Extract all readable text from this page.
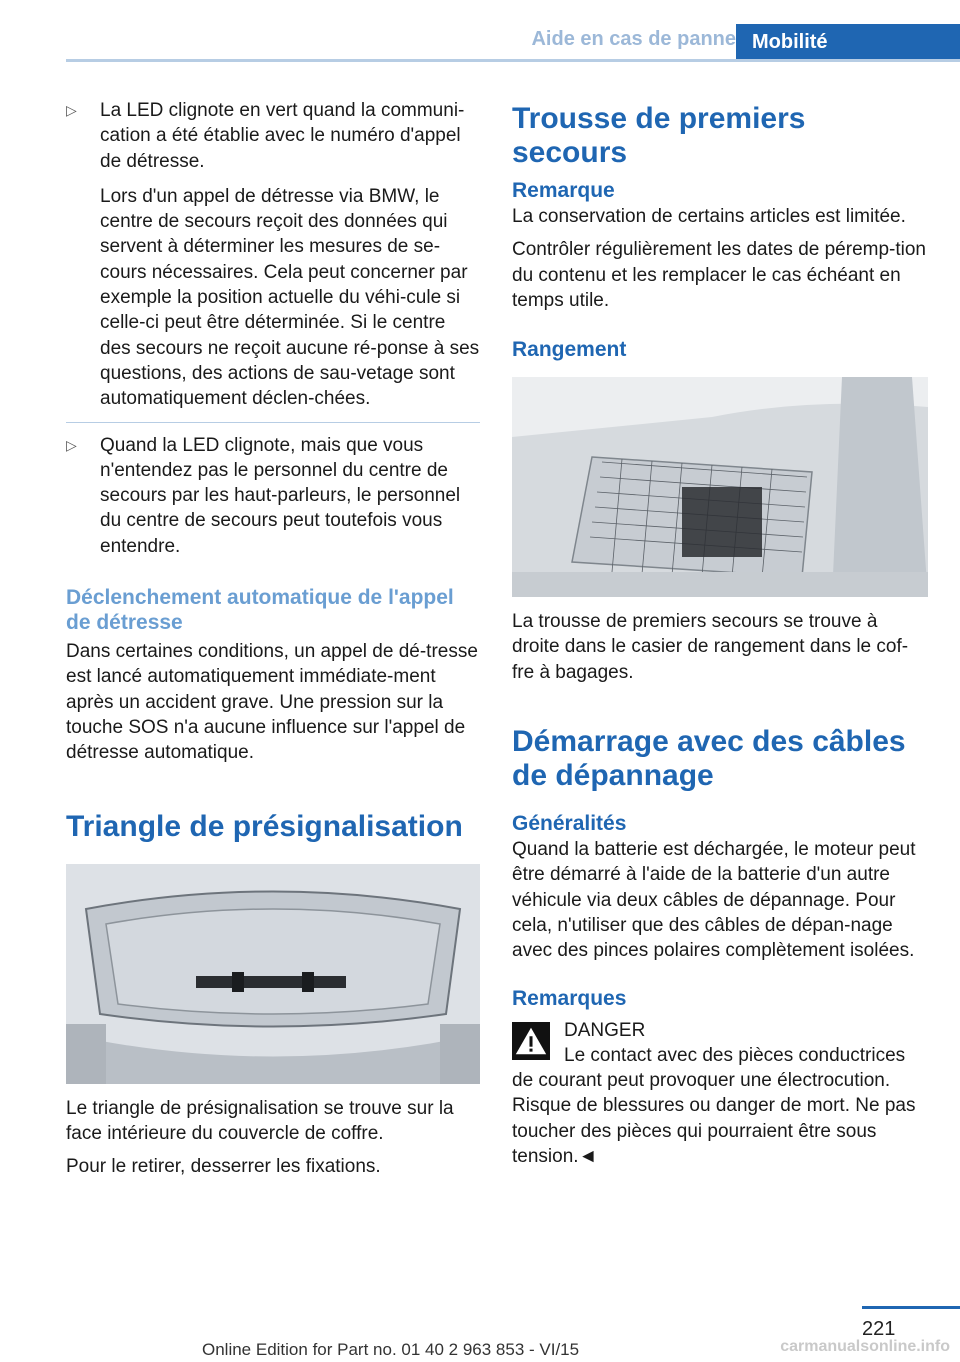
Aide en cas de panne Mobilité
▷ La LED clignote en vert quand la communi-cation a été établie avec le numéro d'appel de détresse.

Lors d'un appel de détresse via BMW, le centre de secours reçoit des données qui servent à déterminer les mesures de se-cours nécessaires. Cela peut concerner par exemple la position actuelle du véhi-cule si celle-ci peut être déterminée. Si le centre des secours ne reçoit aucune ré-ponse à ses questions, des actions de sau-vetage sont automatiquement déclen-chées.

▷ Quand la LED clignote, mais que vous n'entendez pas le personnel du centre de secours par les haut-parleurs, le personnel du centre de secours peut toutefois vous entendre.

Déclenchement automatique de l'appel de détresse

Dans certaines conditions, un appel de dé-tresse est lancé automatiquement immédiate-ment après un accident grave. Une pression sur la touche SOS n'a aucune influence sur l'appel de détresse automatique.

Triangle de présignalisation

Le triangle de présignalisation se trouve sur la face intérieure du couvercle de coffre.

Pour le retirer, desserrer les fixations.

Trousse de premiers secours
Remarque

La conservation de certains articles est limitée.

Contrôler régulièrement les dates de péremp-tion du contenu et les remplacer le cas échéant en temps utile.

Rangement

La trousse de premiers secours se trouve à droite dans le casier de rangement dans le cof-fre à bagages.

Démarrage avec des câbles de dépannage
Généralités

Quand la batterie est déchargée, le moteur peut être démarré à l'aide de la batterie d'un autre véhicule via deux câbles de dépannage. Pour cela, n'utiliser que des câbles de dépan-nage avec des pinces polaires complètement isolées.

Remarques

DANGER

Le contact avec des pièces conductrices de courant peut provoquer une électrocution. Risque de blessures ou danger de mort. Ne pas toucher des pièces qui pourraient être sous tension.◄

221
Online Edition for Part no. 01 40 2 963 853 - VI/15	carmanualsonline.info
